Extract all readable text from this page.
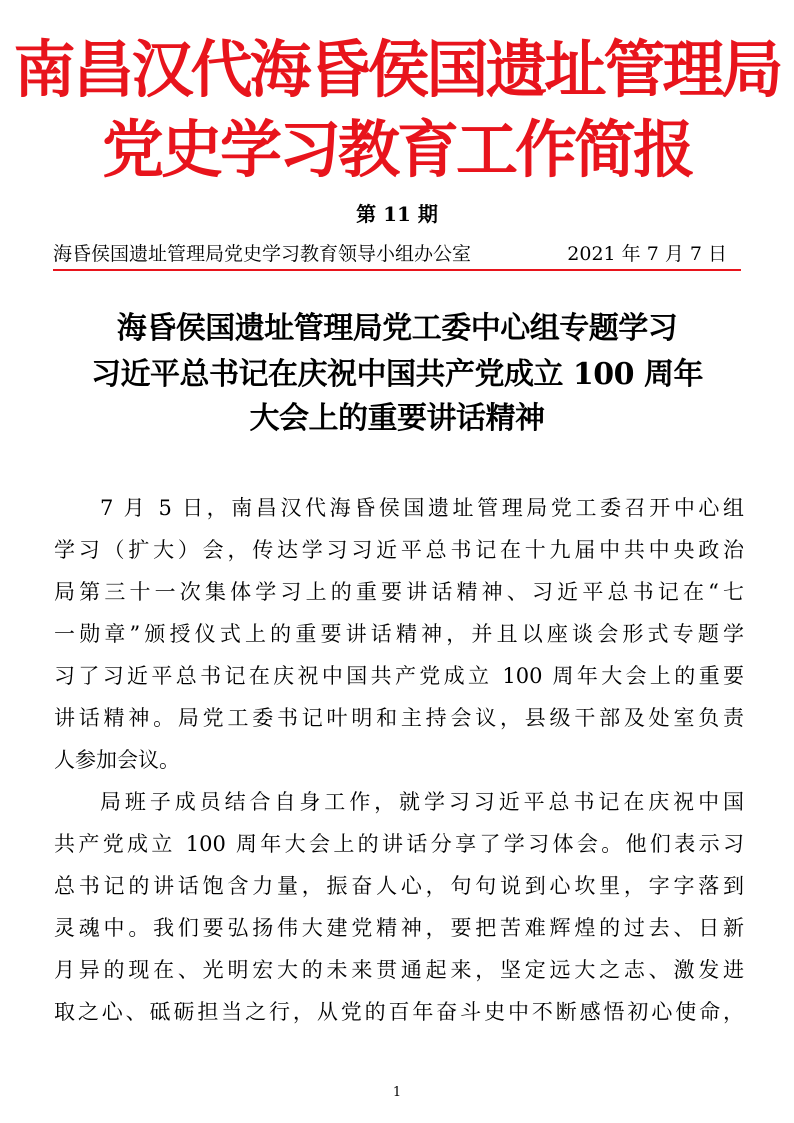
南昌汉代海昏侯国遗址管理局
党史学习教育工作简报
第 11 期
海昏侯国遗址管理局党史学习教育领导小组办公室	2021 年 7 月 7 日
海昏侯国遗址管理局党工委中心组专题学习
习近平总书记在庆祝中国共产党成立 100 周年
大会上的重要讲话精神
7 月 5 日，南昌汉代海昏侯国遗址管理局党工委召开中心组
学习（扩大）会，传达学习习近平总书记在十九届中共中央政治
局第三十一次集体学习上的重要讲话精神、习近平总书记在“七
一勋章”颁授仪式上的重要讲话精神，并且以座谈会形式专题学
习了习近平总书记在庆祝中国共产党成立 100 周年大会上的重要
讲话精神。局党工委书记叶明和主持会议，县级干部及处室负责
人参加会议。
局班子成员结合自身工作，就学习习近平总书记在庆祝中国
共产党成立 100 周年大会上的讲话分享了学习体会。他们表示习
总书记的讲话饱含力量，振奋人心，句句说到心坎里，字字落到
灵魂中。我们要弘扬伟大建党精神，要把苦难辉煌的过去、日新
月异的现在、光明宏大的未来贯通起来，坚定远大之志、激发进
取之心、砥砺担当之行，从党的百年奋斗史中不断感悟初心使命，
1
